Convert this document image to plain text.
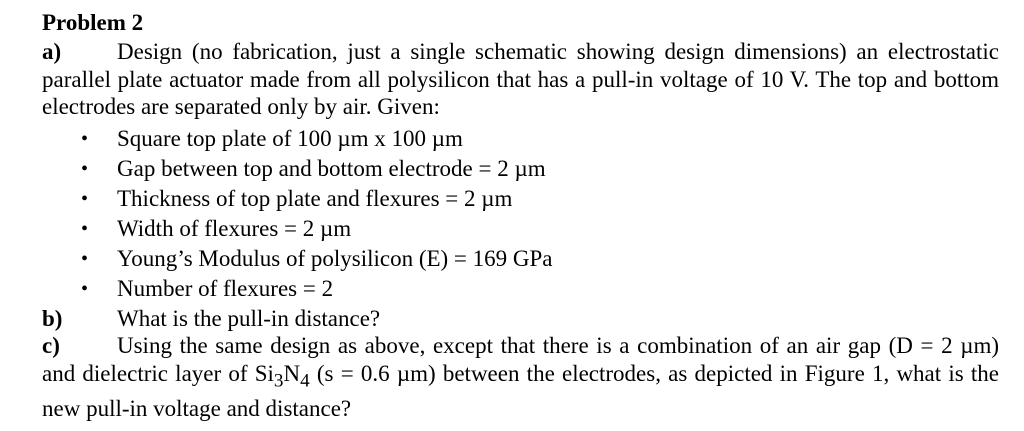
Problem 2

a) Design (no fabrication, just a single schematic showing design dimensions) an electrostatic parallel plate actuator made from all polysilicon that has a pull-in voltage of 10 V. The top and bottom electrodes are separated only by air. Given:

• Square top plate of 100 µm x 100 µm
• Gap between top and bottom electrode = 2 µm
• Thickness of top plate and flexures = 2 µm
• Width of flexures = 2 µm
• Young’s Modulus of polysilicon (E) = 169 GPa
• Number of flexures = 2

b) What is the pull-in distance?

c) Using the same design as above, except that there is a combination of an air gap (D = 2 µm) and dielectric layer of $Si_3N_4$ (s = 0.6 µm) between the electrodes, as depicted in Figure 1, what is the new pull-in voltage and distance?
